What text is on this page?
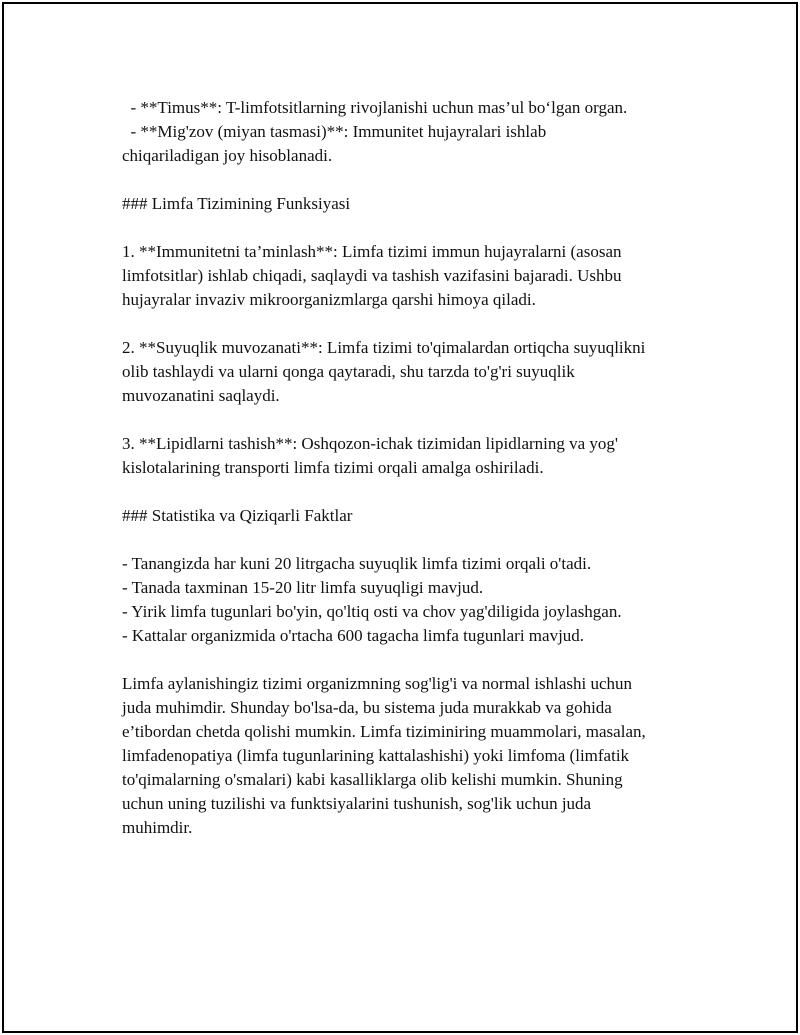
- **Timus**: T-limfotsitlarning rivojlanishi uchun mas’ul bo‘lgan organ.
- **Mig'zov (miyan tasmasi)**: Immunitet hujayralari ishlab
chiqariladigan joy hisoblanadi.
### Limfa Tizimining Funksiyasi
1. **Immunitetni ta’minlash**: Limfa tizimi immun hujayralarni (asosan
limfotsitlar) ishlab chiqadi, saqlaydi va tashish vazifasini bajaradi. Ushbu
hujayralar invaziv mikroorganizmlarga qarshi himoya qiladi.
2. **Suyuqlik muvozanati**: Limfa tizimi to'qimalardan ortiqcha suyuqlikni
olib tashlaydi va ularni qonga qaytaradi, shu tarzda to'g'ri suyuqlik
muvozanatini saqlaydi.
3. **Lipidlarni tashish**: Oshqozon-ichak tizimidan lipidlarning va yog'
kislotalarining transporti limfa tizimi orqali amalga oshiriladi.
### Statistika va Qiziqarli Faktlar
- Tanangizda har kuni 20 litrgacha suyuqlik limfa tizimi orqali o'tadi.
- Tanada taxminan 15-20 litr limfa suyuqligi mavjud.
- Yirik limfa tugunlari bo'yin, qo'ltiq osti va chov yag'diligida joylashgan.
- Kattalar organizmida o'rtacha 600 tagacha limfa tugunlari mavjud.
Limfa aylanishingiz tizimi organizmning sog'lig'i va normal ishlashi uchun
juda muhimdir. Shunday bo'lsa-da, bu sistema juda murakkab va gohida
e’tibordan chetda qolishi mumkin. Limfa tiziminiring muammolari, masalan,
limfadenopatiya (limfa tugunlarining kattalashishi) yoki limfoma (limfatik
to'qimalarning o'smalari) kabi kasalliklarga olib kelishi mumkin. Shuning
uchun uning tuzilishi va funktsiyalarini tushunish, sog'lik uchun juda
muhimdir.
